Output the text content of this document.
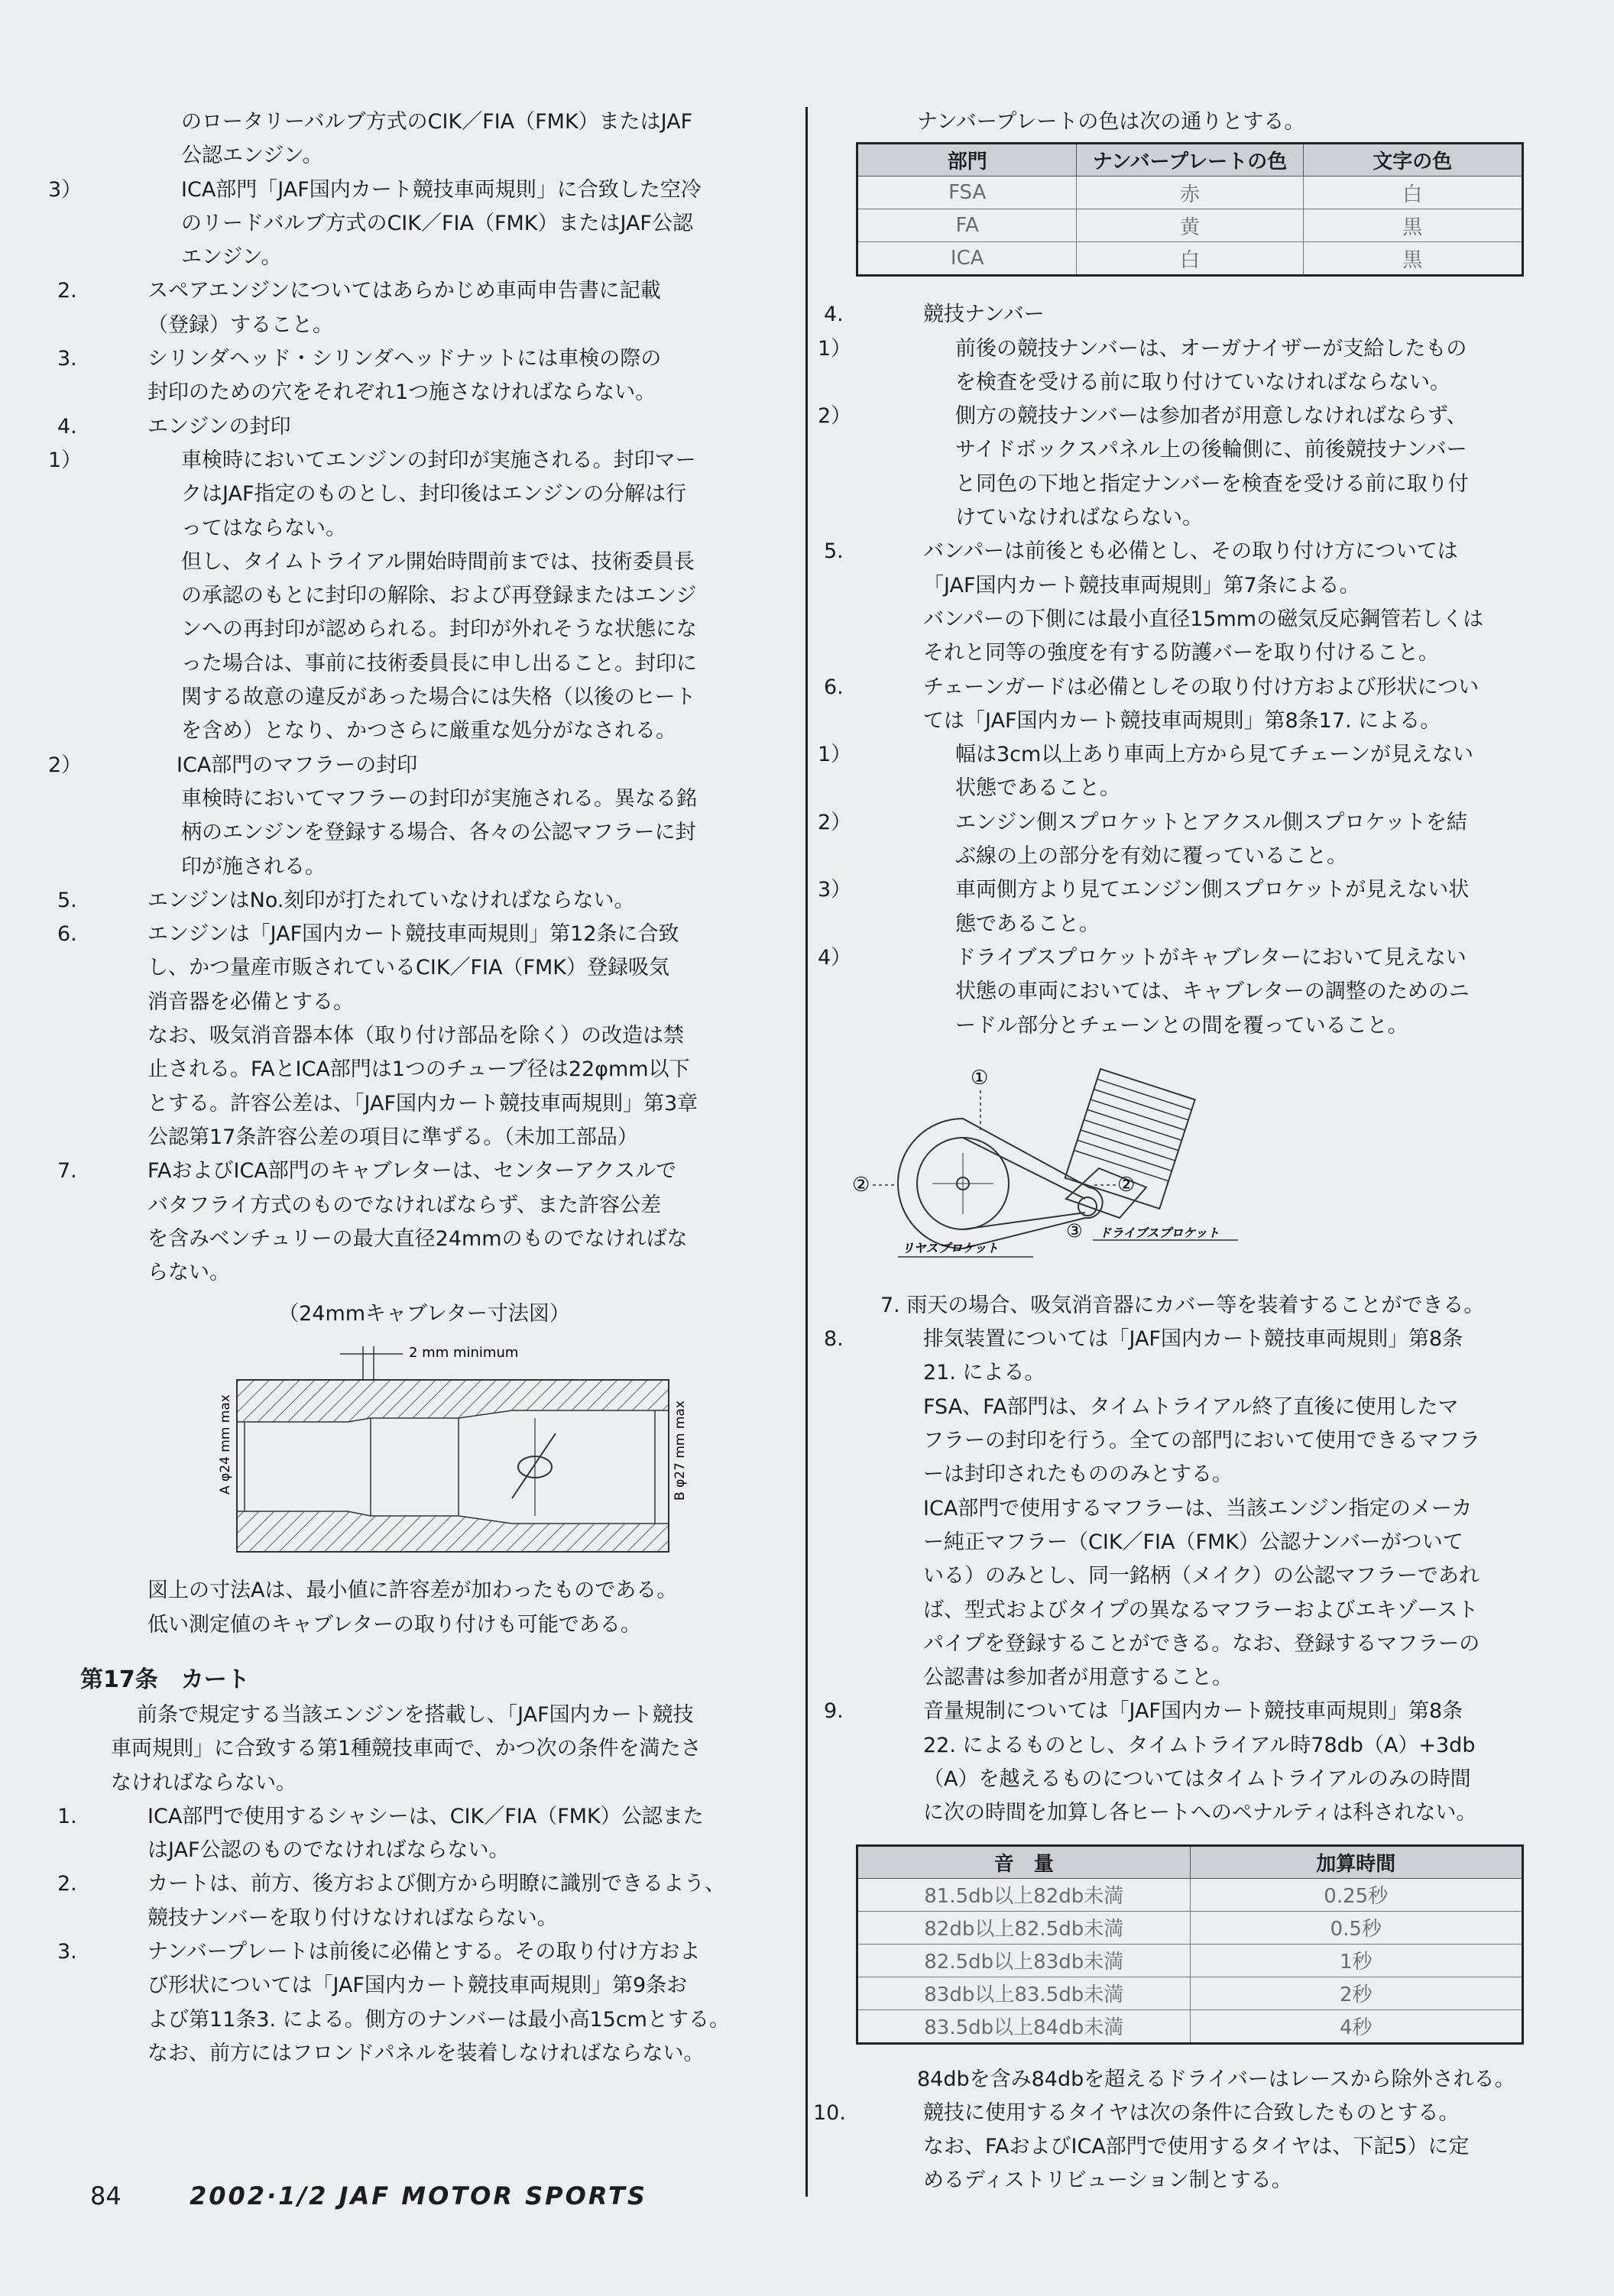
のロータリーバルブ方式のCIK／FIA（FMK）またはJAF

公認エンジン。

3）	ICA部門「JAF国内カート競技車両規則」に合致した空冷

のリードバルブ方式のCIK／FIA（FMK）またはJAF公認

エンジン。

2.	スペアエンジンについてはあらかじめ車両申告書に記載

（登録）すること。

3.	シリンダヘッド・シリンダヘッドナットには車検の際の

封印のための穴をそれぞれ1つ施さなければならない。

4.	エンジンの封印

1）	車検時においてエンジンの封印が実施される。封印マー

クはJAF指定のものとし、封印後はエンジンの分解は行

ってはならない。

但し、タイムトライアル開始時間前までは、技術委員長

の承認のもとに封印の解除、および再登録またはエンジ

ンへの再封印が認められる。封印が外れそうな状態にな

った場合は、事前に技術委員長に申し出ること。封印に

関する故意の違反があった場合には失格（以後のヒート

を含め）となり、かつさらに厳重な処分がなされる。

2）	ICA部門のマフラーの封印

車検時においてマフラーの封印が実施される。異なる銘

柄のエンジンを登録する場合、各々の公認マフラーに封

印が施される。

5.	エンジンはNo.刻印が打たれていなければならない。

6.	エンジンは「JAF国内カート競技車両規則」第12条に合致

し、かつ量産市販されているCIK／FIA（FMK）登録吸気

消音器を必備とする。

なお、吸気消音器本体（取り付け部品を除く）の改造は禁

止される。FAとICA部門は1つのチューブ径は22φmm以下

とする。許容公差は、「JAF国内カート競技車両規則」第3章

公認第17条許容公差の項目に準ずる。（未加工部品）

7.	FAおよびICA部門のキャブレターは、センターアクスルで

バタフライ方式のものでなければならず、また許容公差

を含みベンチュリーの最大直径24mmのものでなければな

らない。

（24mmキャブレター寸法図）
2 mm minimum
A φ24 mm max	B φ27 mm max

図上の寸法Aは、最小値に許容差が加わったものである。

低い測定値のキャブレターの取り付けも可能である。

第17条　カート

前条で規定する当該エンジンを搭載し、「JAF国内カート競技

車両規則」に合致する第1種競技車両で、かつ次の条件を満たさ

なければならない。

1.	ICA部門で使用するシャシーは、CIK／FIA（FMK）公認また

はJAF公認のものでなければならない。

2.	カートは、前方、後方および側方から明瞭に識別できるよう、

競技ナンバーを取り付けなければならない。

3.	ナンバープレートは前後に必備とする。その取り付け方およ

び形状については「JAF国内カート競技車両規則」第9条お

よび第11条3. による。側方のナンバーは最小高15cmとする。

なお、前方にはフロンドパネルを装着しなければならない。

ナンバープレートの色は次の通りとする。

部門	ナンバープレートの色	文字の色
FSA	赤	白
FA	黄	黒
ICA	白	黒
4.	競技ナンバー

1）	前後の競技ナンバーは、オーガナイザーが支給したもの

を検査を受ける前に取り付けていなければならない。

2）	側方の競技ナンバーは参加者が用意しなければならず、

サイドボックスパネル上の後輪側に、前後競技ナンバー

と同色の下地と指定ナンバーを検査を受ける前に取り付

けていなければならない。

5.	バンパーは前後とも必備とし、その取り付け方については

「JAF国内カート競技車両規則」第7条による。

バンパーの下側には最小直径15mmの磁気反応鋼管若しくは

それと同等の強度を有する防護バーを取り付けること。

6.	チェーンガードは必備としその取り付け方および形状につい

ては「JAF国内カート競技車両規則」第8条17. による。

1）	幅は3cm以上あり車両上方から見てチェーンが見えない

状態であること。

2）	エンジン側スプロケットとアクスル側スプロケットを結

ぶ線の上の部分を有効に覆っていること。

3）	車両側方より見てエンジン側スプロケットが見えない状

態であること。

4）	ドライブスプロケットがキャブレターにおいて見えない

状態の車両においては、キャブレターの調整のためのニ

ードル部分とチェーンとの間を覆っていること。

①
②	②
③ ドライブスプロケット
リヤスプロケット

7. 雨天の場合、吸気消音器にカバー等を装着することができる。

8.	排気装置については「JAF国内カート競技車両規則」第8条

21. による。

FSA、FA部門は、タイムトライアル終了直後に使用したマ

フラーの封印を行う。全ての部門において使用できるマフラ

ーは封印されたもののみとする。

ICA部門で使用するマフラーは、当該エンジン指定のメーカ

ー純正マフラー（CIK／FIA（FMK）公認ナンバーがついて

いる）のみとし、同一銘柄（メイク）の公認マフラーであれ

ば、型式およびタイプの異なるマフラーおよびエキゾースト

パイプを登録することができる。なお、登録するマフラーの

公認書は参加者が用意すること。

9.	音量規制については「JAF国内カート競技車両規則」第8条

22. によるものとし、タイムトライアル時78db（A）+3db

（A）を越えるものについてはタイムトライアルのみの時間

に次の時間を加算し各ヒートへのペナルティは科されない。

音　量	加算時間
81.5db以上82db未満	0.25秒
82db以上82.5db未満	0.5秒
82.5db以上83db未満	1秒
83db以上83.5db未満	2秒
83.5db以上84db未満	4秒

84dbを含み84dbを超えるドライバーはレースから除外される。

10.	競技に使用するタイヤは次の条件に合致したものとする。

なお、FAおよびICA部門で使用するタイヤは、下記5）に定

めるディストリビューション制とする。

84	2002·1/2 JAF MOTOR SPORTS
